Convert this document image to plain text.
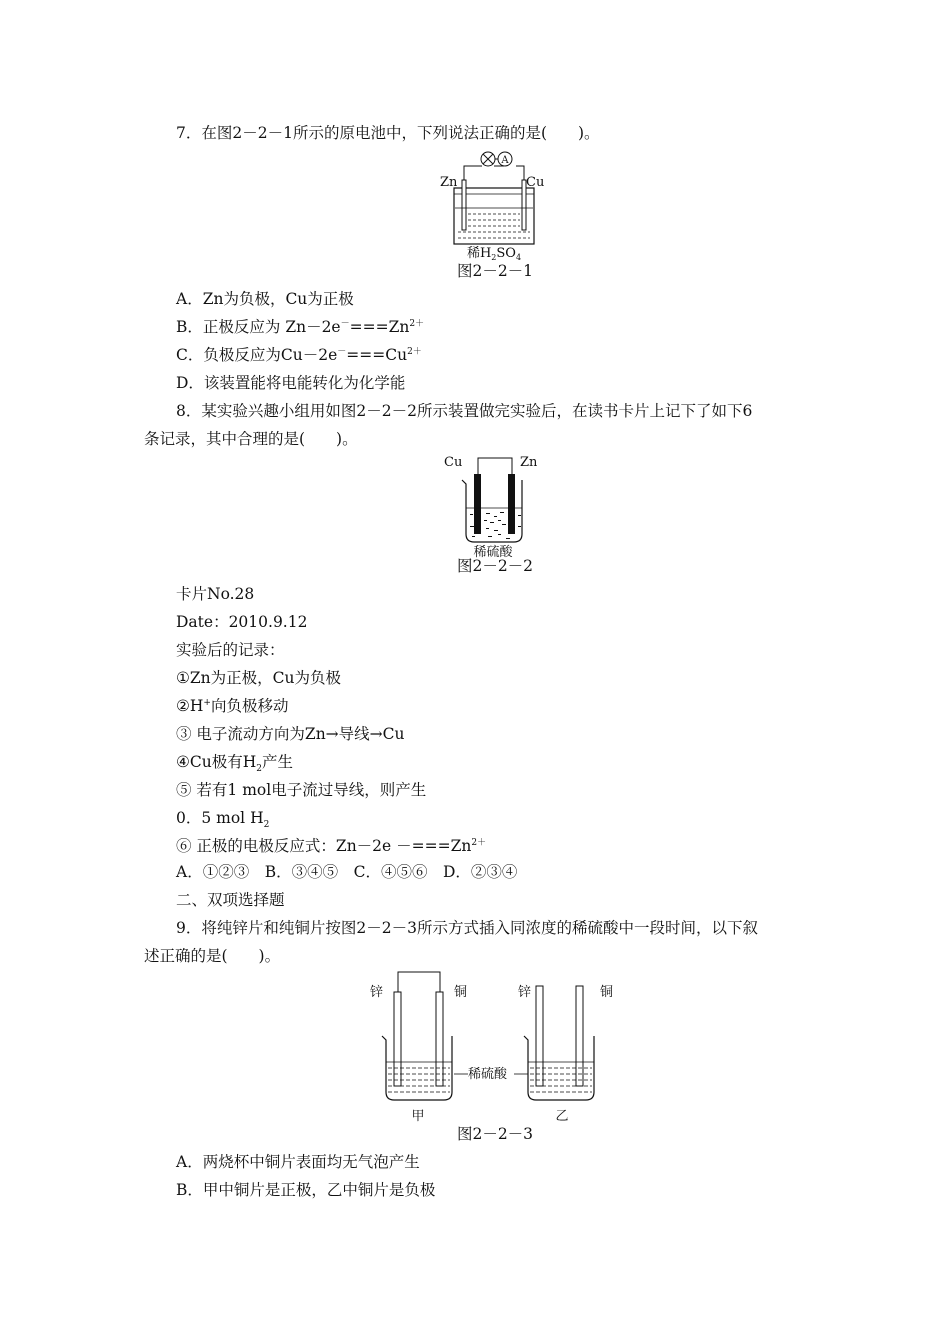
7．在图2－2－1所示的原电池中，下列说法正确的是(　　)。
A
Zn	Cu
稀$H_2SO_4$
图2－2－1
A．Zn为负极，Cu为正极
B．正极反应为 $Zn-2e^-===Zn^{2+}$
C．负极反应为$Cu-2e^-===Cu^{2+}$
D．该装置能将电能转化为化学能
8．某实验兴趣小组用如图2－2－2所示装置做完实验后，在读书卡片上记下了如下6
条记录，其中合理的是(　　)。
Cu	Zn
稀硫酸
图2－2－2
卡片No.28
Date：2010.9.12
实验后的记录：
①Zn为正极，Cu为负极
②H+向负极移动
③ 电子流动方向为Zn→导线→Cu
④Cu极有$H_2$产生
⑤ 若有1 mol电子流过导线，则产生
0．5 mol $H_2$
⑥ 正极的电极反应式：$Zn-2e -===Zn^{2+}$
A．①②③　B．③④⑤　C．④⑤⑥　D．②③④
二、双项选择题
9．将纯锌片和纯铜片按图2－2－3所示方式插入同浓度的稀硫酸中一段时间，以下叙
述正确的是(　　)。
锌	铜
甲
稀硫酸
锌	铜
乙
图2－2－3
A．两烧杯中铜片表面均无气泡产生
B．甲中铜片是正极，乙中铜片是负极
